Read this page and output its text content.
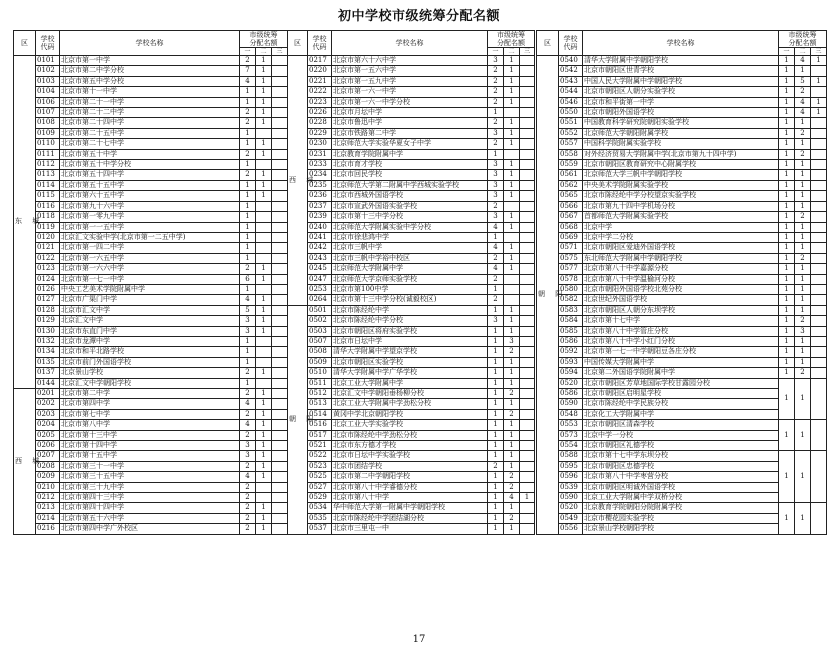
初中学校市级统筹分配名额
区	学校
代码	学校名称	市级统筹
分配名额		
			一	二	三
东 城	0101	北京市第一中学	2	1	
	0102	北京市第二中学分校	7	1	
	0103	北京市第五中学分校	4	1	
	0104	北京市第十一中学	1	1	
	0106	北京市第二十一中学	1	1	
	0107	北京市第二十二中学	2	1	
	0108	北京市第二十四中学	2	1	
	0109	北京市第二十五中学	1		
	0110	北京市第二十七中学	1	1	
	0111	北京市第五十中学	2	1	
	0112	北京市第五十中学分校	1		
	0113	北京市第五十四中学	2	1	
	0114	北京市第五十五中学	1	1	
	0115	北京市第六十五中学	1	1	
	0116	北京市第九十六中学	1		
	0118	北京市第一零九中学	1		
	0119	北京市第一一五中学	1		
	0120	北京汇文实验中学(北京市第一二五中学)	1		
	0121	北京市第一四二中学	1		
	0122	北京市第一六五中学	1		
	0123	北京市第一六六中学	2	1	
	0124	北京市第一七一中学	6	1	
	0126	中央工艺美术学院附属中学	1		
	0127	北京市广渠门中学	4	1	
	0128	北京市汇文中学	5	1	
	0129	北京汇文中学	3	1	
	0130	北京市东直门中学	3	1	
	0132	北京市龙潭中学	1		
	0134	北京市和平北路学校	1		
	0135	北京市前门外国语学校	1		
	0137	北京景山学校	2	1	
	0144	北京汇文中学朝阳学校	1		
西 城	0201	北京市第二中学	2	1	
	0202	北京市第四中学	4	1	
	0203	北京市第七中学	2	1	
	0204	北京市第八中学	4	1	
	0205	北京市第十三中学	2	1	
	0206	北京市第十四中学	3	1	
	0207	北京市第十五中学	3	1	
	0208	北京市第三十一中学	2	1	
	0209	北京市第三十五中学	4	1	
	0210	北京市第三十九中学	2		
	0212	北京市第四十三中学	2		
	0213	北京市第四十四中学	2	1	
	0214	北京市第五十六中学	2	1	
	0216	北京市第四中学广外校区	2	1	
区	学校
代码	学校名称	市级统筹
分配名额		
			一	二	三
西 城	0217	北京市第六十六中学	3	1	
	0220	北京市第一五六中学	2	1	
	0221	北京市第一五九中学	2	1	
	0222	北京市第一六一中学	2	1	
	0223	北京市第一六一中学分校	2	1	
	0226	北京市月坛中学	1		
	0228	北京市鲁迅中学	2	1	
	0229	北京市铁路第二中学	3	1	
	0230	北京师范大学实验华夏女子中学	2	1	
	0231	北京教育学院附属中学	1		
	0233	北京市育才学校	3	1	
	0234	北京市回民学校	3	1	
	0235	北京师范大学第二附属中学西城实验学校	3	1	
	0236	北京市西城外国语学校	3	1	
	0237	北京市宣武外国语实验学校	2		
	0239	北京市第十三中学分校	3	1	
	0240	北京师范大学附属实验中学分校	4	1	
	0241	北京市徐悲鸿中学	1		
	0242	北京市三帆中学	4	1	
	0243	北京市三帆中学裕中校区	2	1	
	0245	北京师范大学附属中学	4	1	
	0247	北京师范大学京师实验学校	2		
	0253	北京市第100中学	1		
	0264	北京市第十三中学分校(诚毅校区)	2		
朝 阳	0501	北京市陈经纶中学	1	1	
	0502	北京市陈经纶中学分校	3	1	
	0503	北京市朝阳区将府实验学校	1	1	
	0507	北京市日坛中学	1	3	
	0508	清华大学附属中学望京学校	1	2	
	0509	北京市朝阳区实验学校	1	1	
	0510	清华大学附属中学广华学校	1	1	
	0511	北京工业大学附属中学	1	1	
	0512	北京汇文中学朝阳垂杨柳分校	1	2	
	0513	北京工业大学附属中学劲松分校	1	1	
	0514	黄冈中学北京朝阳学校	1	2	
	0516	北京工业大学实验学校	1	1	
	0517	北京市陈经纶中学劲松分校	1	1	
	0521	北京市东方德才学校	1	1	
	0522	北京市日坛中学实验学校	1	1	
	0523	北京市团结学校	2	1	
	0525	北京市第二中学朝阳学校	1	2	
	0527	北京市第八十中学睿德分校	1	2	
	0529	北京市第八十中学	1	4	1
	0534	华中师范大学第一附属中学朝阳学校	1	1	
	0535	北京市陈经纶中学团结湖分校	1	2	
	0537	北京市三里屯一中	1	1	
区	学校
代码	学校名称	市级统筹
分配名额		
			一	二	三
朝 阳	0540	清华大学附属中学朝阳学校	1	4	1
	0542	北京市朝阳区世青学校	1	1	
	0543	中国人民大学附属中学朝阳学校	1	5	1
	0544	北京市朝阳区人朝分实验学校	1	2	
	0546	北京市和平街第一中学	1	4	1
	0550	北京市朝阳外国语学校	1	4	1
	0551	中国教育科学研究院朝阳实验学校	1	1	
	0552	北京师范大学朝阳附属学校	1	2	
	0557	中国科学院附属实验学校	1	1	
	0558	对外经济贸易大学附属中学(北京市第九十四中学)	1	2	
	0559	北京市朝阳区教育研究中心附属学校	1	1	
	0561	北京师范大学三帆中学朝阳学校	1	1	
	0562	中央美术学院附属实验学校	1	1	
	0565	北京市陈经纶中学分校望京实验学校	1	1	
	0566	北京市第九十四中学机场分校	1	1	
	0567	首都师范大学附属实验学校	1	2	
	0568	北京中学	1	1	
	0569	北京中学二分校	1	1	
	0571	北京市朝阳区爱迪外国语学校	1	1	
	0575	东北师范大学附属中学朝阳学校	1	2	
	0577	北京市第八十中学嘉源分校	1	1	
	0578	北京市第八十中学温榆河分校	1	1	
	0580	北京市朝阳外国语学校北苑分校	1	1	
	0582	北京世纪外国语学校	1	1	
	0583	北京市朝阳区人朝分东坝学校	1	1	
	0584	北京市第十七中学	1	2	
	0585	北京市第八十中学管庄分校	1	3	
	0586	北京市第八十中学小红门分校	1	1	
	0592	北京市第一七一中学朝阳豆各庄分校	1	1	
	0593	中国传媒大学附属中学	1	1	
	0594	北京第二外国语学院附属中学	1	2	
	0520	北京市朝阳区芳草地国际学校甘露园分校	1	1	
	0586	北京市朝阳区启明星学校			
	0590	北京市陈经纶中学民族分校			
	0548	北京化工大学附属中学			
	0553	北京市朝阳区清森学校	1	1	
	0573	北京中学一分校			
	0554	北京市朝阳区礼德学校			
	0588	北京市第十七中学东坝分校	1	1	
	0595	北京市朝阳区忠德学校			
	0596	北京市第八十中学枣营分校			
	0539	北京市朝阳区明诚外国语学校			
	0590	北京工业大学附属中学双桥分校			
	0520	北京教育学院朝阳分院附属学校	1	1	
	0549	北京市樱花园实验学校			
	0556	北京景山学校朝阳学校			
17
